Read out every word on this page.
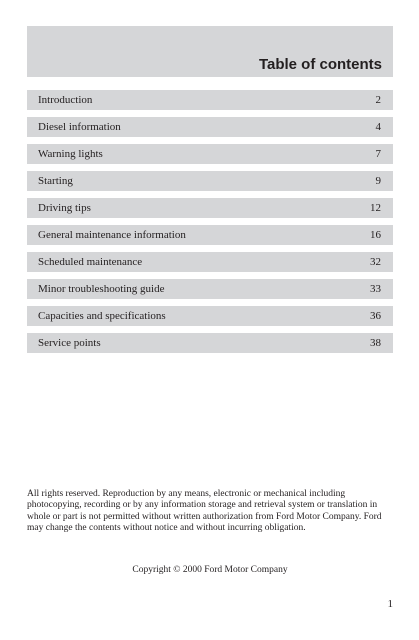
Table of contents
Introduction	2
Diesel information	4
Warning lights	7
Starting	9
Driving tips	12
General maintenance information	16
Scheduled maintenance	32
Minor troubleshooting guide	33
Capacities and specifications	36
Service points	38

All rights reserved. Reproduction by any means, electronic or mechanical including photocopying, recording or by any information storage and retrieval system or translation in whole or part is not permitted without written authorization from Ford Motor Company. Ford may change the contents without notice and without incurring obligation.

Copyright © 2000 Ford Motor Company

1
